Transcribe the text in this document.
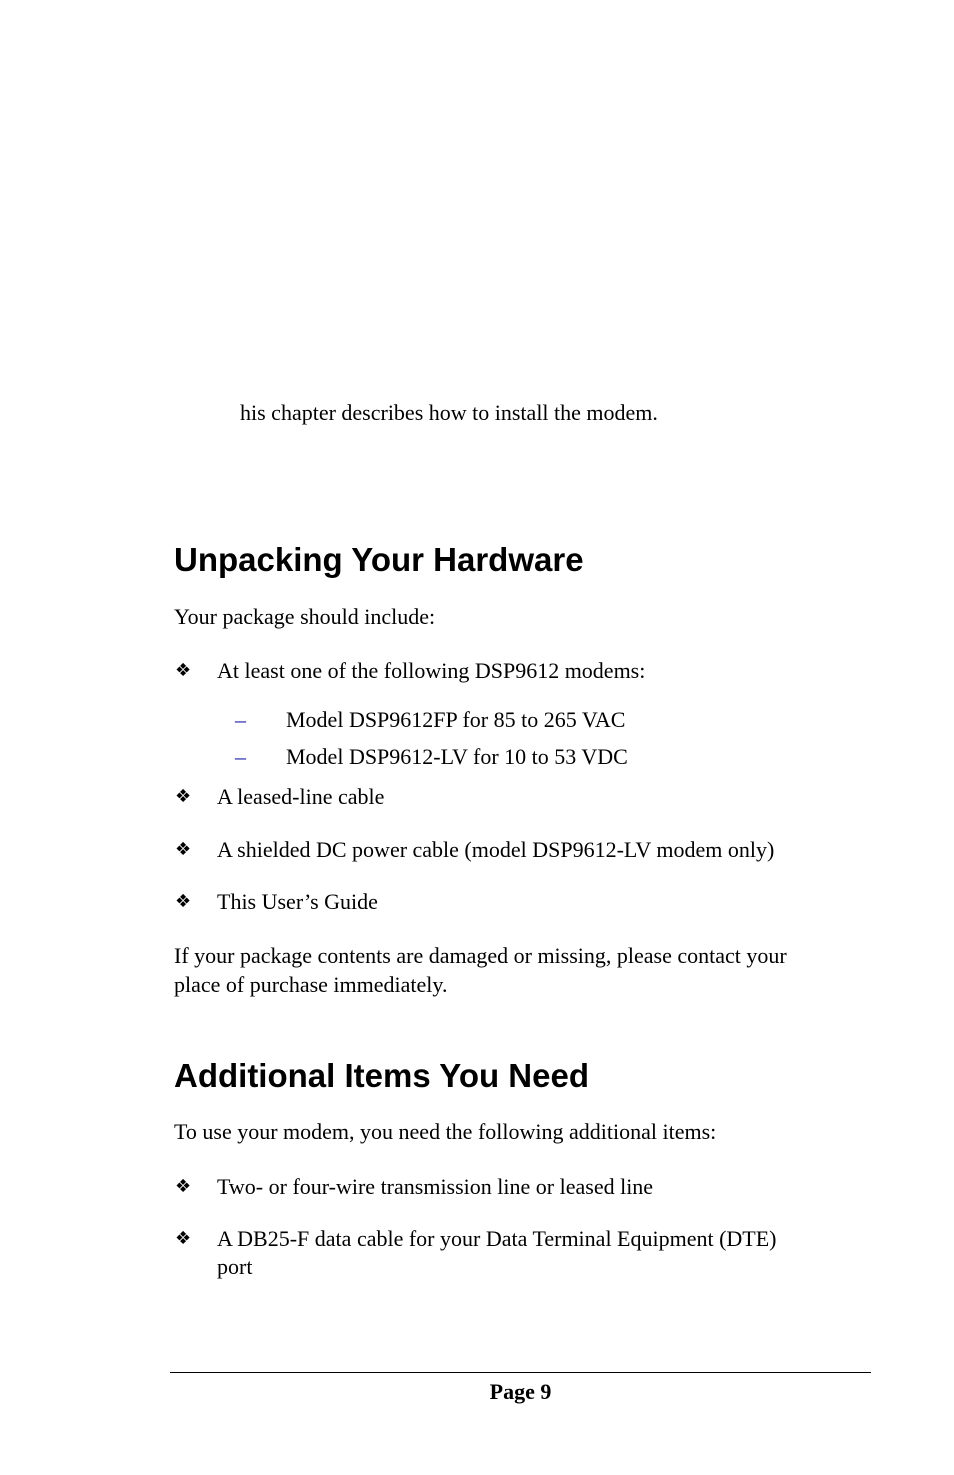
his chapter describes how to install the modem.
Unpacking Your Hardware
Your package should include:
❖ At least one of the following DSP9612 modems:
– Model DSP9612FP for 85 to 265 VAC
– Model DSP9612-LV for 10 to 53 VDC
❖ A leased-line cable
❖ A shielded DC power cable (model DSP9612-LV modem only)
❖ This User’s Guide
If your package contents are damaged or missing, please contact your
place of purchase immediately.
Additional Items You Need
To use your modem, you need the following additional items:
❖ Two- or four-wire transmission line or leased line
❖ A DB25-F data cable for your Data Terminal Equipment (DTE)
port
Page 9
